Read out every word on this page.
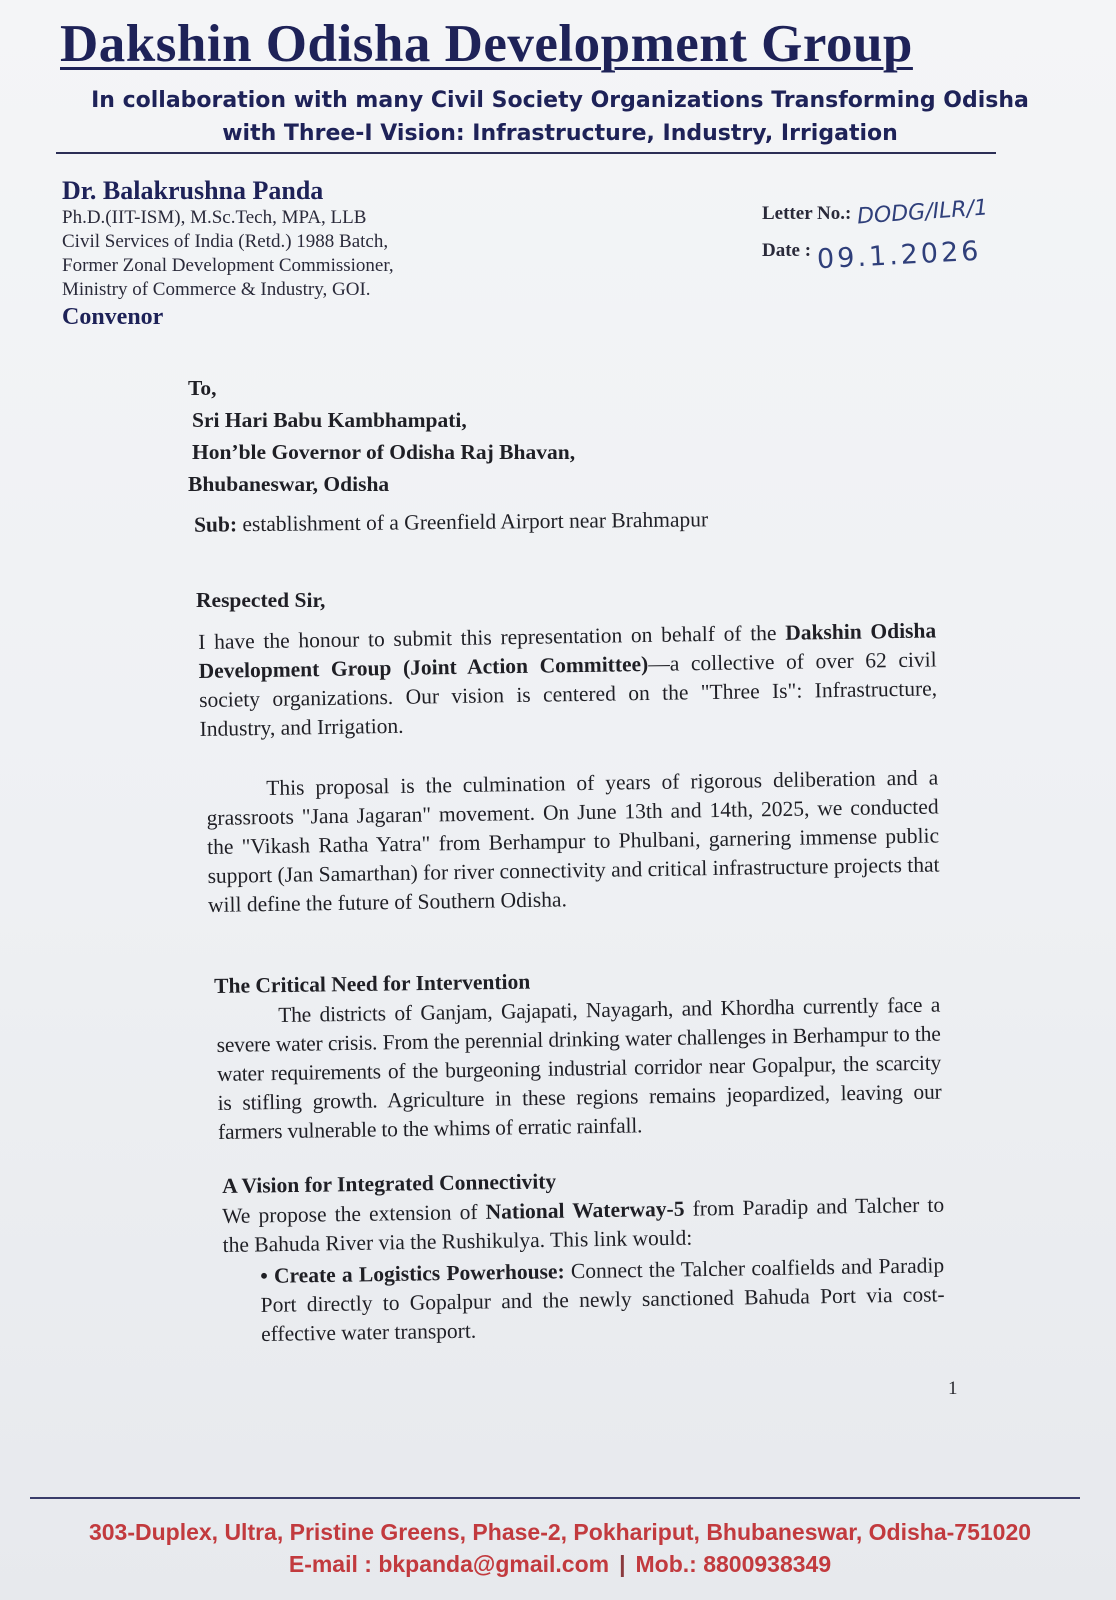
Dakshin Odisha Development Group
In collaboration with many Civil Society Organizations Transforming Odisha
with Three-I Vision: Infrastructure, Industry, Irrigation
Dr. Balakrushna Panda
Ph.D.(IIT-ISM), M.Sc.Tech, MPA, LLB
Civil Services of India (Retd.) 1988 Batch,
Former Zonal Development Commissioner,
Ministry of Commerce & Industry, GOI.
Convenor
Letter No.: DODG/ILR/1
Date : 09.1.2026
To,
Sri Hari Babu Kambhampati,
Hon’ble Governor of Odisha Raj Bhavan,
Bhubaneswar, Odisha
Sub: establishment of a Greenfield Airport near Brahmapur
Respected Sir,
I have the honour to submit this representation on behalf of the Dakshin Odisha Development Group (Joint Action Committee)—a collective of over 62 civil society organizations. Our vision is centered on the "Three Is": Infrastructure, Industry, and Irrigation.
This proposal is the culmination of years of rigorous deliberation and a grassroots "Jana Jagaran" movement. On June 13th and 14th, 2025, we conducted the "Vikash Ratha Yatra" from Berhampur to Phulbani, garnering immense public support (Jan Samarthan) for river connectivity and critical infrastructure projects that will define the future of Southern Odisha.
The Critical Need for Intervention
The districts of Ganjam, Gajapati, Nayagarh, and Khordha currently face a severe water crisis. From the perennial drinking water challenges in Berhampur to the water requirements of the burgeoning industrial corridor near Gopalpur, the scarcity is stifling growth. Agriculture in these regions remains jeopardized, leaving our farmers vulnerable to the whims of erratic rainfall.
A Vision for Integrated Connectivity
We propose the extension of National Waterway-5 from Paradip and Talcher to the Bahuda River via the Rushikulya. This link would:
• Create a Logistics Powerhouse: Connect the Talcher coalfields and Paradip Port directly to Gopalpur and the newly sanctioned Bahuda Port via cost-effective water transport.
1
303-Duplex, Ultra, Pristine Greens, Phase-2, Pokhariput, Bhubaneswar, Odisha-751020
E-mail : bkpanda@gmail.com | Mob.: 8800938349
